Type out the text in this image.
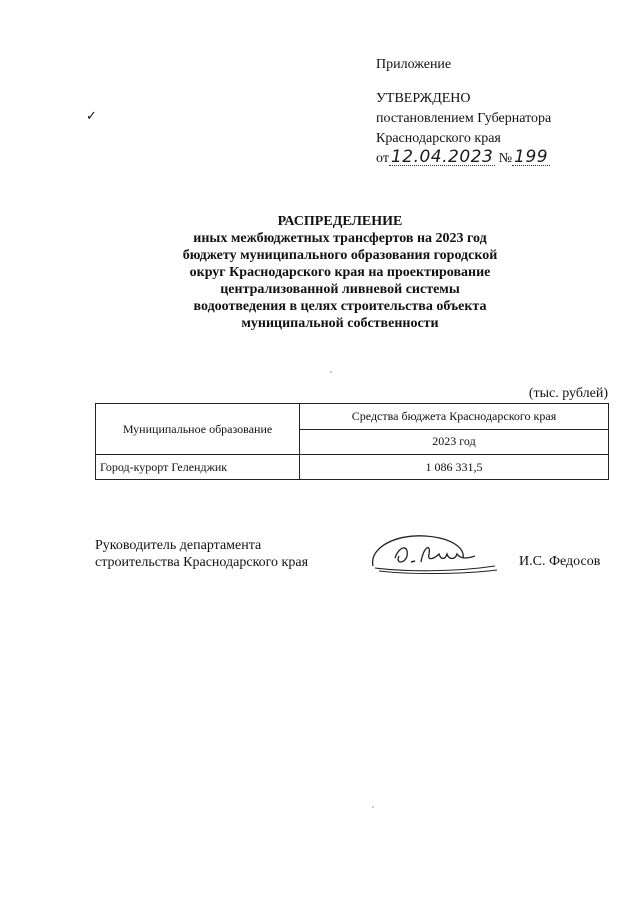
Приложение
УТВЕРЖДЕНО
постановлением Губернатора
Краснодарского края
от 12.04.2023 № 199
✓
РАСПРЕДЕЛЕНИЕ
иных межбюджетных трансфертов на 2023 год
бюджету муниципального образования городской
округ Краснодарского края на проектирование
централизованной ливневой системы
водоотведения в целях строительства объекта
муниципальной собственности
(тыс. рублей)
Муниципальное образование	Средства бюджета Краснодарского края
	2023 год
Город-курорт Геленджик	1 086 331,5
Руководитель департамента
строительства Краснодарского края	И.С. Федосов
